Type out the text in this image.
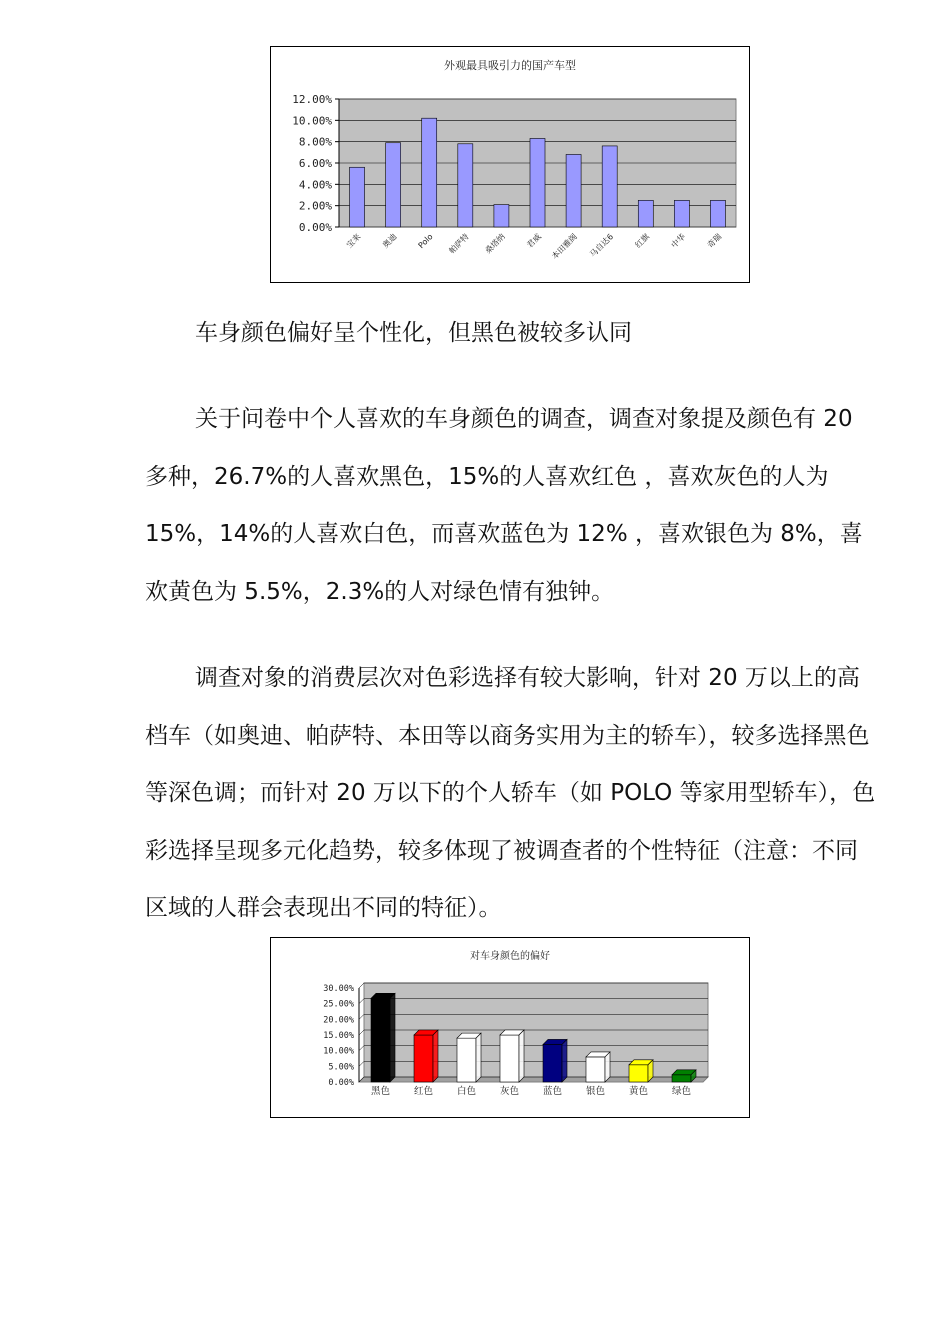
外观最具吸引力的国产车型
0.00%
2.00%
4.00%
6.00%
8.00%
10.00%
12.00%
宝来 奥迪 Polo 帕萨特 桑塔纳 君威 本田雅阁 马自达6 红旗 中华 奇瑞

车身颜色偏好呈个性化，但黑色被较多认同

关于问卷中个人喜欢的车身颜色的调查，调查对象提及颜色有 20 多种，26.7%的人喜欢黑色，15%的人喜欢红色 ，喜欢灰色的人为 15%，14%的人喜欢白色，而喜欢蓝色为 12% ，喜欢银色为 8%，喜欢黄色为 5.5%，2.3%的人对绿色情有独钟。

调查对象的消费层次对色彩选择有较大影响，针对 20 万以上的高档车（如奥迪、帕萨特、本田等以商务实用为主的轿车），较多选择黑色等深色调；而针对 20 万以下的个人轿车（如 POLO 等家用型轿车），色彩选择呈现多元化趋势，较多体现了被调查者的个性特征（注意：不同区域的人群会表现出不同的特征）。

对车身颜色的偏好
0.00%
5.00%
10.00%
15.00%
20.00%
25.00%
30.00%
黑色	红色	白色	灰色	蓝色	银色	黄色	绿色
